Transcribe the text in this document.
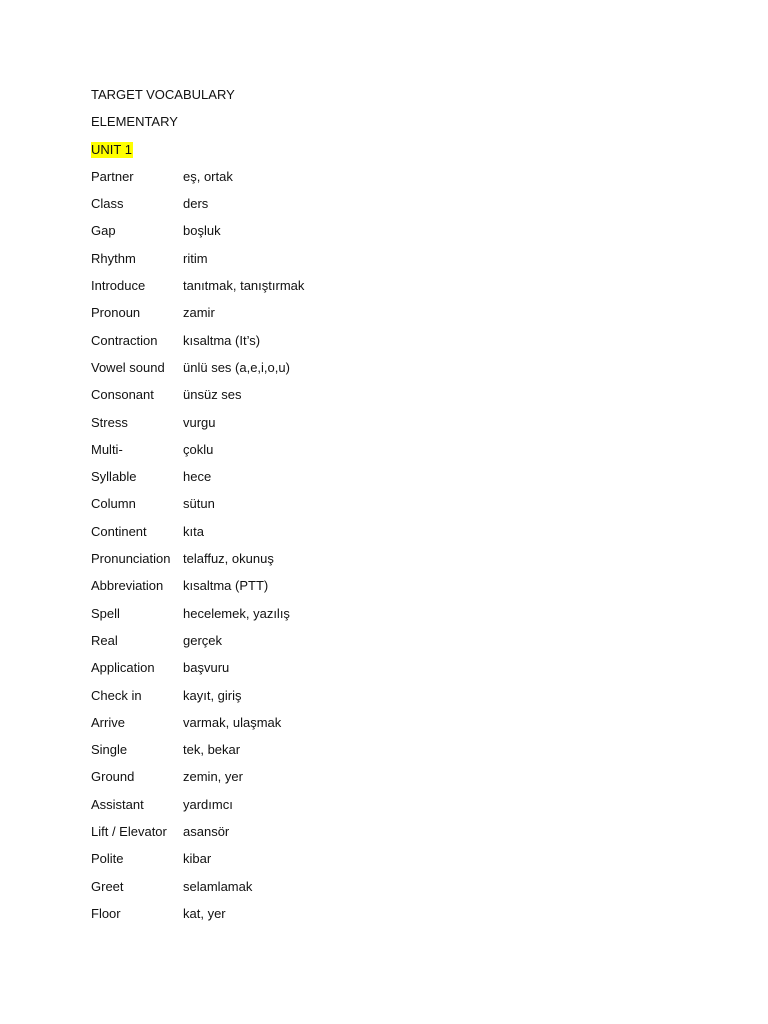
TARGET VOCABULARY
ELEMENTARY
UNIT 1
Partner	eş, ortak
Class	ders
Gap	boşluk
Rhythm	ritim
Introduce	tanıtmak, tanıştırmak
Pronoun	zamir
Contraction	kısaltma (It’s)
Vowel sound	ünlü ses (a,e,i,o,u)
Consonant	ünsüz ses
Stress	vurgu
Multi-	çoklu
Syllable	hece
Column	sütun
Continent	kıta
Pronunciation telaffuz, okunuş
Abbreviation	kısaltma (PTT)
Spell	hecelemek, yazılış
Real	gerçek
Application	başvuru
Check in	kayıt, giriş
Arrive	varmak, ulaşmak
Single	tek, bekar
Ground	zemin, yer
Assistant	yardımcı
Lift / Elevator	asansör
Polite	kibar
Greet	selamlamak
Floor	kat, yer
